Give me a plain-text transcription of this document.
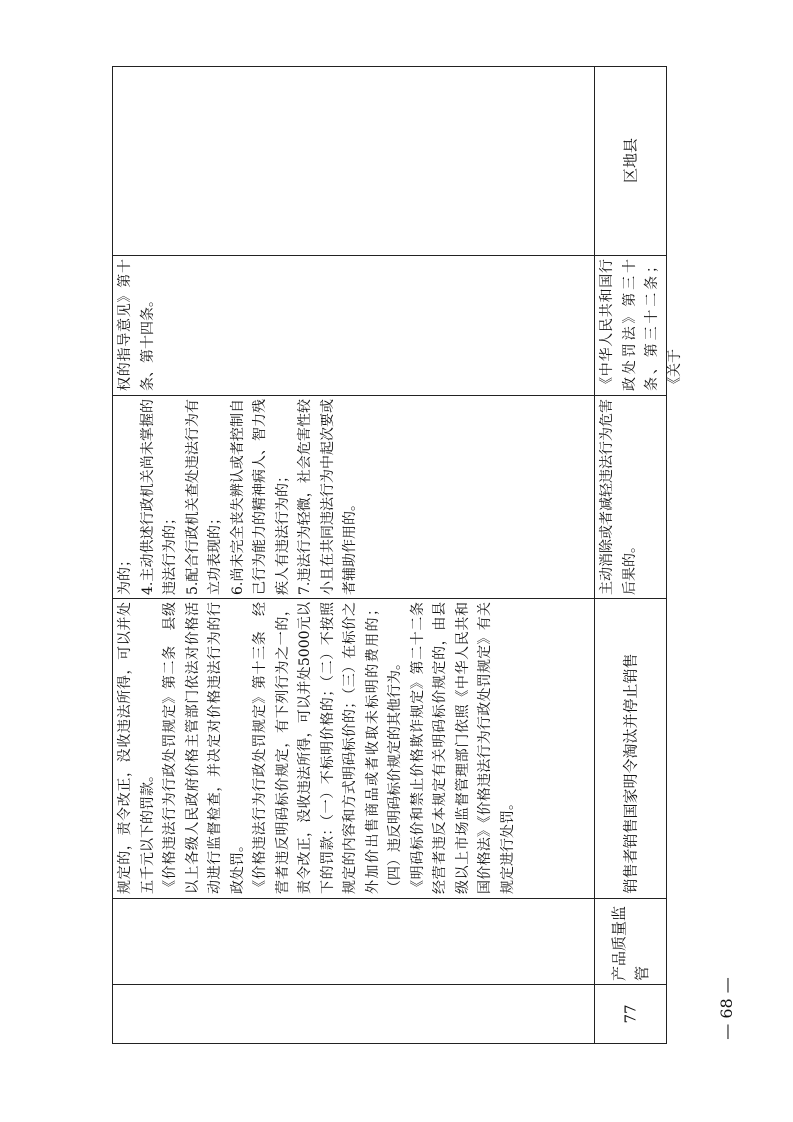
77
产品质量监管
销售者销售国家明令淘汰并停止销售
规定的，责令改正，没收违法所得，可以并处五千元以下的罚款。
《价格违法行为行政处罚规定》第二条　县级以上各级人民政府价格主管部门依法对价格活动进行监督检查，并决定对价格违法行为的行政处罚。
《价格违法行为行政处罚规定》第十三条　经营者违反明码标价规定，有下列行为之一的，责令改正，没收违法所得，可以并处5000元以下的罚款：（一）不标明价格的；（二）不按照规定的内容和方式明码标价的；（三）在标价之外加价出售商品或者收取未标明的费用的；（四）违反明码标价规定的其他行为。
《明码标价和禁止价格欺诈规定》第二十二条　经营者违反本规定有关明码标价规定的，由县级以上市场监督管理部门依照《中华人民共和国价格法》《价格违法行为行政处罚规定》有关规定进行处罚。
为的；
4.主动供述行政机关尚未掌握的违法行为的；
5.配合行政机关查处违法行为有立功表现的；
6.尚未完全丧失辨认或者控制自己行为能力的精神病人、智力残疾人有违法行为的；
7.违法行为轻微，社会危害性较小且在共同违法行为中起次要或者辅助作用的。
权的指导意见》第十条、第十四条。
主动消除或者减轻违法行为危害后果的。
《中华人民共和国行政处罚法》第三十条、第三十二条；《关于
区地县
— 68 —
